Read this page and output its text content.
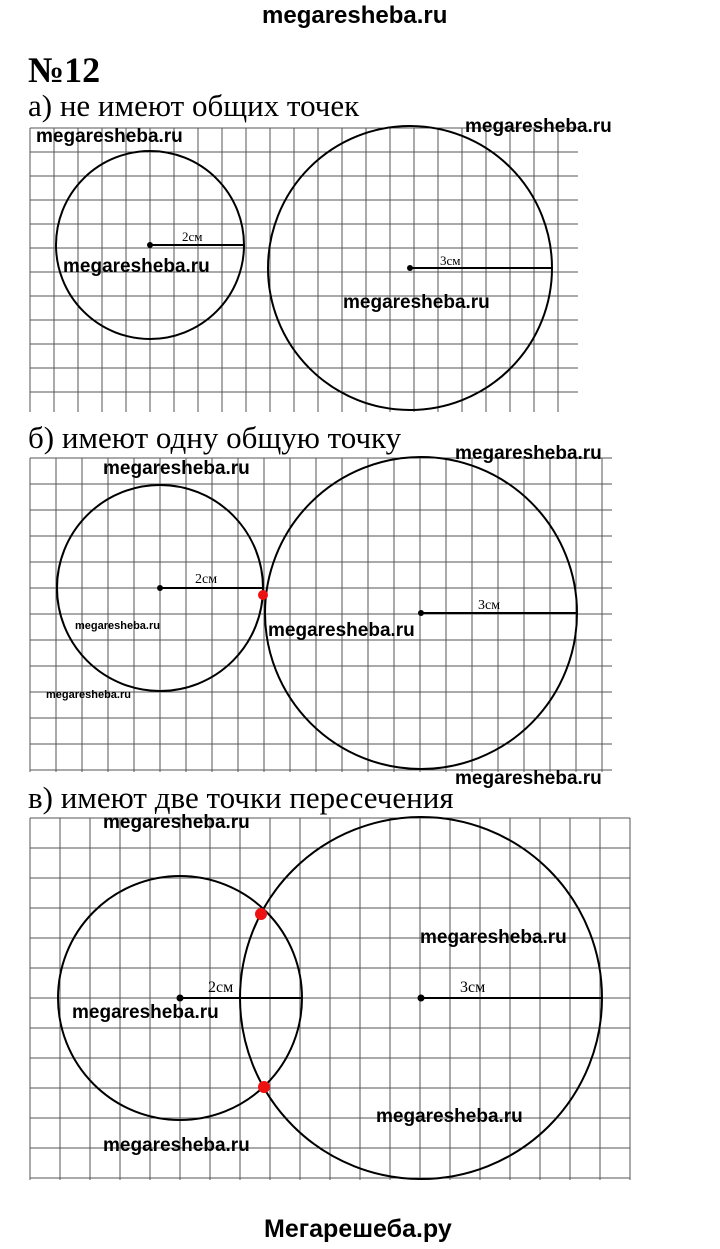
megaresheba.ru
№12
а) не имеют общих точек
б) имеют одну общую точку
в) имеют две точки пересечения
2см
3см
2см
3см
2см	3см
megaresheba.ru	megaresheba.ru
megaresheba.ru
megaresheba.ru
megaresheba.ru
megaresheba.ru
megaresheba.ru
megaresheba.ru
megaresheba.ru
megaresheba.ru
megaresheba.ru
megaresheba.ru
megaresheba.ru
megaresheba.ru
megaresheba.ru
Мегарешеба.ру
